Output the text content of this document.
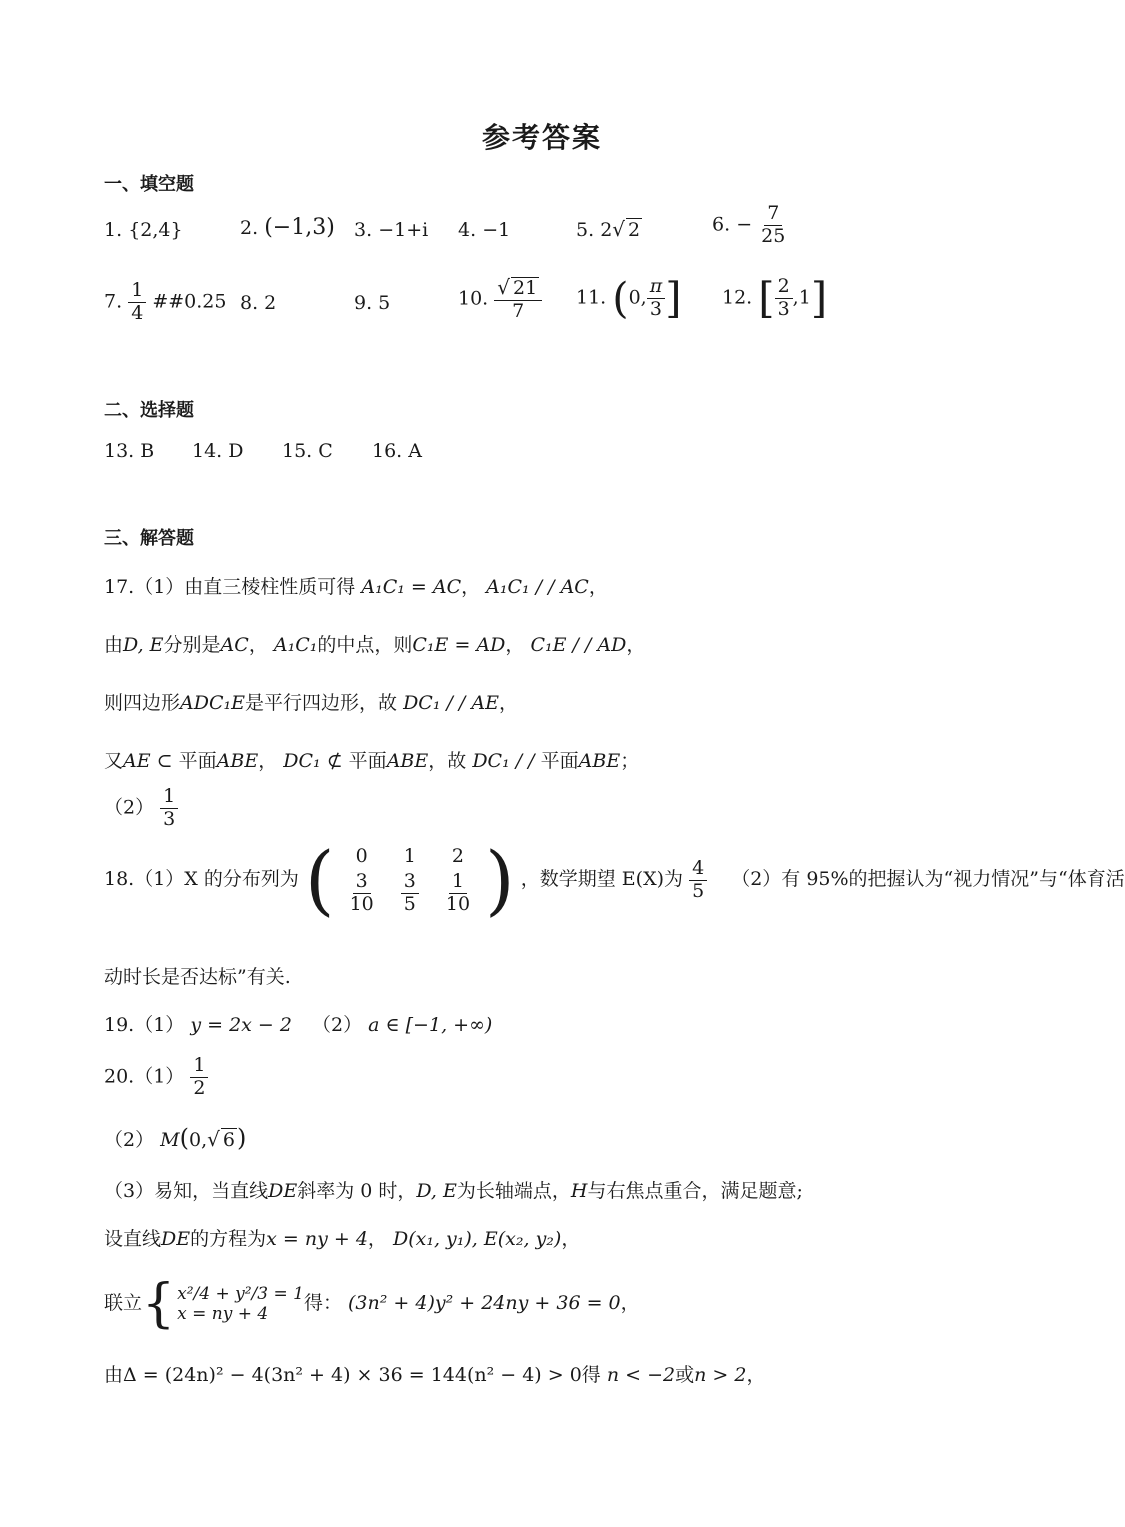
参考答案
一、填空题
1. {2,4}	2. (−1,3) 3. −1+i 4. −1	5. 2√ 2	6. − $\frac{7}{25}$
7. $\frac{1}{4}$ ##0.25 8. 2	9. 5	10. $\frac{√ 21}{7} 11$. (0, $\frac{\pi}{3}$ ] 12. [ $\frac{2}{3} ,1$]
二、选择题
13. B 14. D 15. C 16. A
三、解答题
17.（1）由直三棱柱性质可得 A₁C₁ = AC， A₁C₁ / / AC，
由D, E分别是AC， A₁C₁的中点，则C₁E = AD， C₁E / / AD，
则四边形ADC₁E是平行四边形，故 DC₁ / / AE，
又AE ⊂ 平面ABE， DC₁ ⊄ 平面ABE，故 DC₁ / / 平面ABE；
$(2) \frac{1}{3}$
18.（1）X 的分布列为 ( 0	1	2

$\frac{3}{10}$	$\frac{3}{5}$	$\frac{1}{10}$ ) ，数学期望 E(X)为 $\frac{4}{5} (2)$有 95%的把握认为“视力情况”与“体育活
动时长是否达标”有关.
19.（1） y = 2x − 2 （2） a ∈ [−1, +∞)
$20.(1) \frac{1}{2}$
（2） M(0,√ 6)
（3）易知，当直线DE斜率为 0 时，D, E为长轴端点，H与右焦点重合，满足题意;
设直线DE的方程为x = ny + 4， D(x₁, y₁), E(x₂, y₂)，
联立 { x²/4 + y²/3 = 1
x = ny + 4	得： (3n² + 4)y² + 24ny + 36 = 0，
由Δ = (24n)² − 4(3n² + 4) × 36 = 144(n² − 4) > 0得 n < −2或n > 2，
